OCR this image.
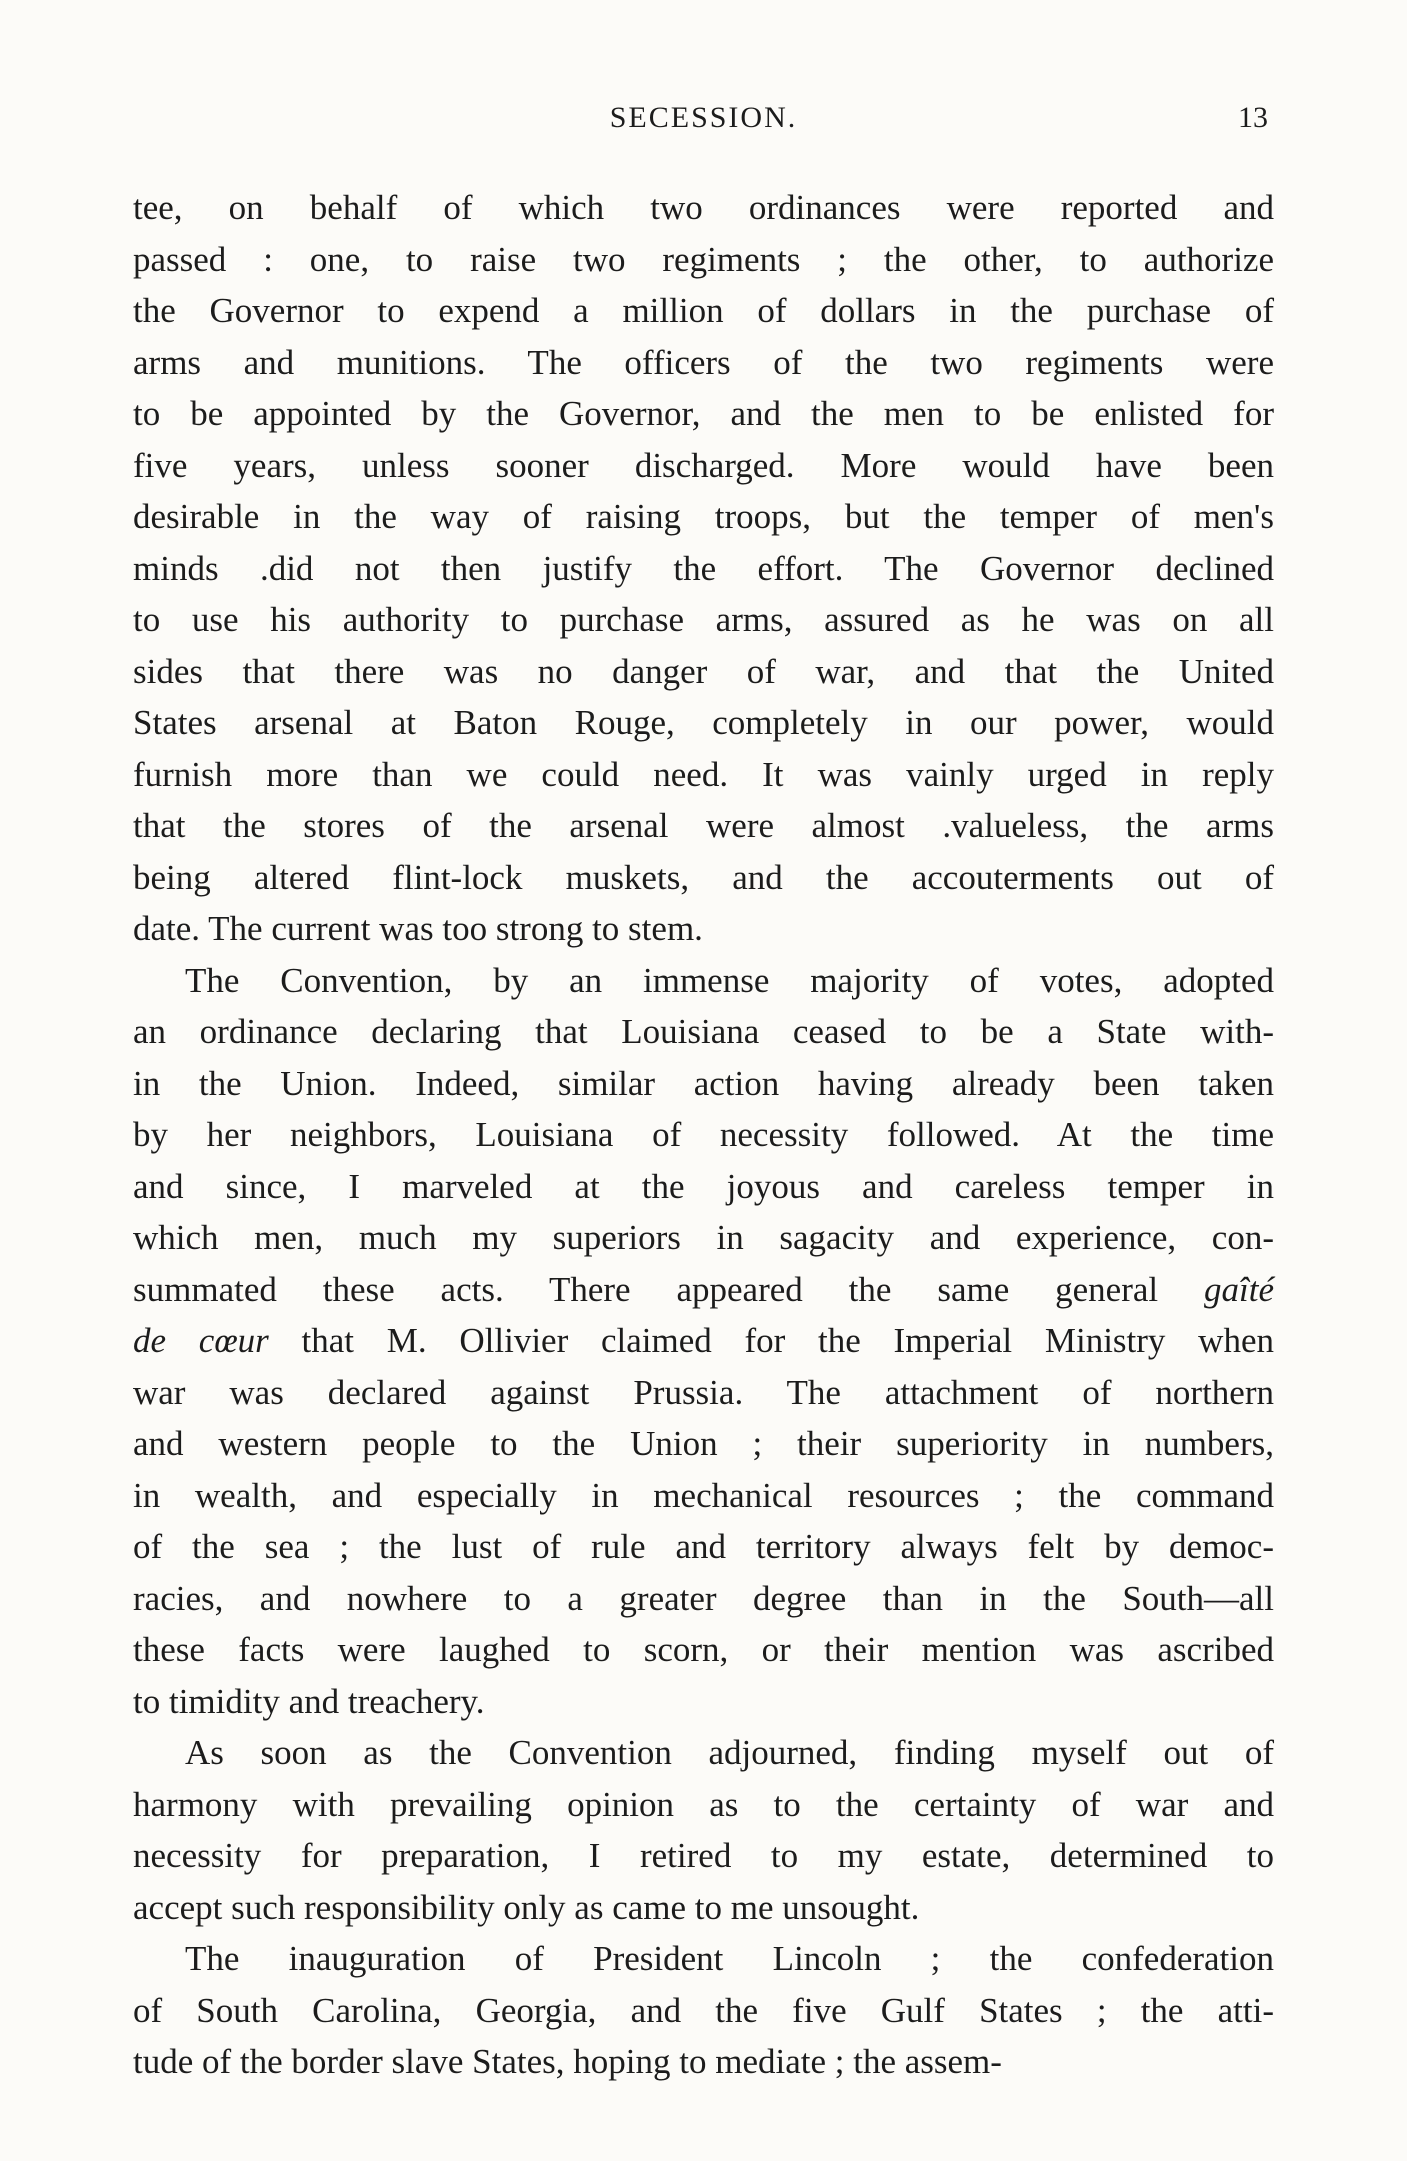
SECESSION.	13
tee, on behalf of which two ordinances were reported and
passed : one, to raise two regiments ; the other, to authorize
the Governor to expend a million of dollars in the purchase of
arms and munitions. The officers of the two regiments were
to be appointed by the Governor, and the men to be enlisted for
five years, unless sooner discharged. More would have been
desirable in the way of raising troops, but the temper of men's
minds .did not then justify the effort. The Governor declined
to use his authority to purchase arms, assured as he was on all
sides that there was no danger of war, and that the United
States arsenal at Baton Rouge, completely in our power, would
furnish more than we could need. It was vainly urged in reply
that the stores of the arsenal were almost .valueless, the arms
being altered flint-lock muskets, and the accouterments out of
date. The current was too strong to stem.
The Convention, by an immense majority of votes, adopted
an ordinance declaring that Louisiana ceased to be a State with-
in the Union. Indeed, similar action having already been taken
by her neighbors, Louisiana of necessity followed. At the time
and since, I marveled at the joyous and careless temper in
which men, much my superiors in sagacity and experience, con-
summated these acts. There appeared the same general gaîté
de cœur that M. Ollivier claimed for the Imperial Ministry when
war was declared against Prussia. The attachment of northern
and western people to the Union ; their superiority in numbers,
in wealth, and especially in mechanical resources ; the command
of the sea ; the lust of rule and territory always felt by democ-
racies, and nowhere to a greater degree than in the South—all
these facts were laughed to scorn, or their mention was ascribed
to timidity and treachery.
As soon as the Convention adjourned, finding myself out of
harmony with prevailing opinion as to the certainty of war and
necessity for preparation, I retired to my estate, determined to
accept such responsibility only as came to me unsought.
The inauguration of President Lincoln ; the confederation
of South Carolina, Georgia, and the five Gulf States ; the atti-
tude of the border slave States, hoping to mediate ; the assem-
